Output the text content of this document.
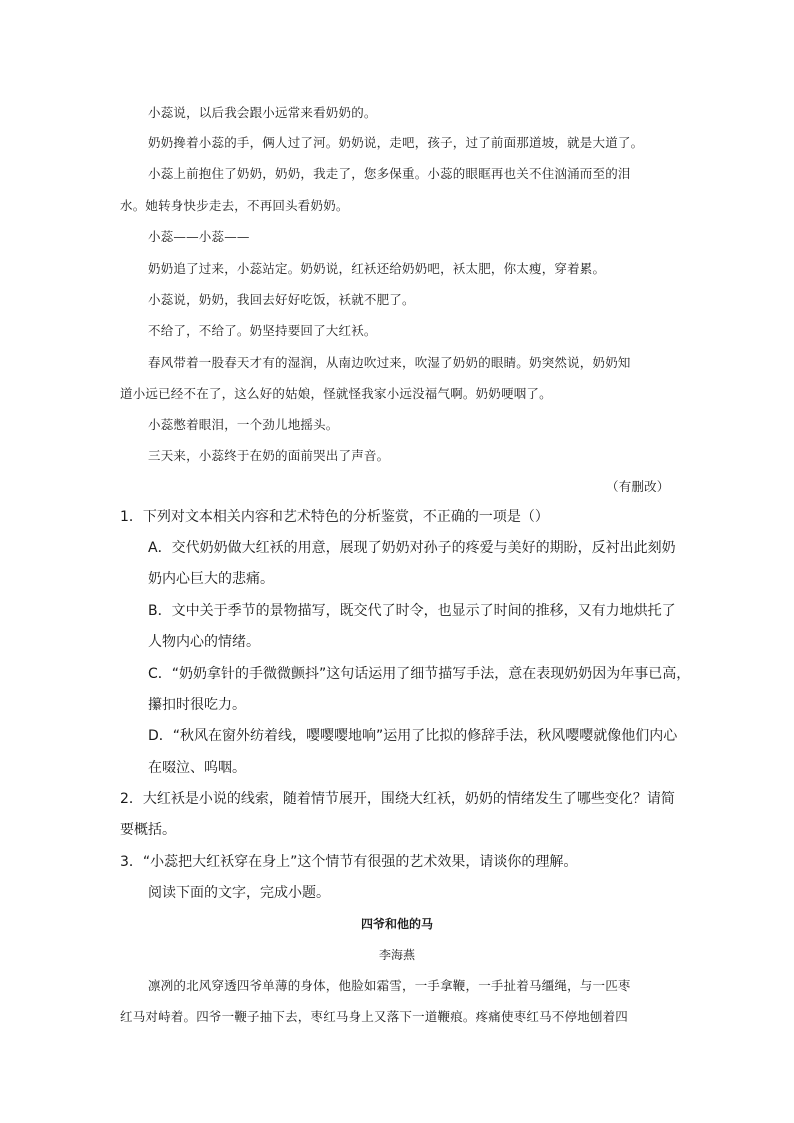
小蕊说，以后我会跟小远常来看奶奶的。
奶奶搀着小蕊的手，俩人过了河。奶奶说，走吧，孩子，过了前面那道坡，就是大道了。
小蕊上前抱住了奶奶，奶奶，我走了，您多保重。小蕊的眼眶再也关不住汹涌而至的泪
水。她转身快步走去，不再回头看奶奶。
小蕊——小蕊——
奶奶追了过来，小蕊站定。奶奶说，红袄还给奶奶吧，袄太肥，你太瘦，穿着累。
小蕊说，奶奶，我回去好好吃饭，袄就不肥了。
不给了，不给了。奶坚持要回了大红袄。
春风带着一股春天才有的湿润，从南边吹过来，吹湿了奶奶的眼睛。奶突然说，奶奶知
道小远已经不在了，这么好的姑娘，怪就怪我家小远没福气啊。奶奶哽咽了。
小蕊憋着眼泪，一个劲儿地摇头。
三天来，小蕊终于在奶的面前哭出了声音。
（有删改）
1．下列对文本相关内容和艺术特色的分析鉴赏，不正确的一项是（）
A．交代奶奶做大红袄的用意，展现了奶奶对孙子的疼爱与美好的期盼，反衬出此刻奶
奶内心巨大的悲痛。
B．文中关于季节的景物描写，既交代了时令，也显示了时间的推移，又有力地烘托了
人物内心的情绪。
C．“奶奶拿针的手微微颤抖”这句话运用了细节描写手法，意在表现奶奶因为年事已高，
攥扣时很吃力。
D．“秋风在窗外纺着线，嘤嘤嘤地响”运用了比拟的修辞手法，秋风嘤嘤就像他们内心
在啜泣、呜咽。
2．大红袄是小说的线索，随着情节展开，围绕大红袄，奶奶的情绪发生了哪些变化？请简
要概括。
3．“小蕊把大红袄穿在身上”这个情节有很强的艺术效果，请谈你的理解。
阅读下面的文字，完成小题。
四爷和他的马
李海燕
凛冽的北风穿透四爷单薄的身体，他脸如霜雪，一手拿鞭，一手扯着马缰绳，与一匹枣
红马对峙着。四爷一鞭子抽下去，枣红马身上又落下一道鞭痕。疼痛使枣红马不停地刨着四
